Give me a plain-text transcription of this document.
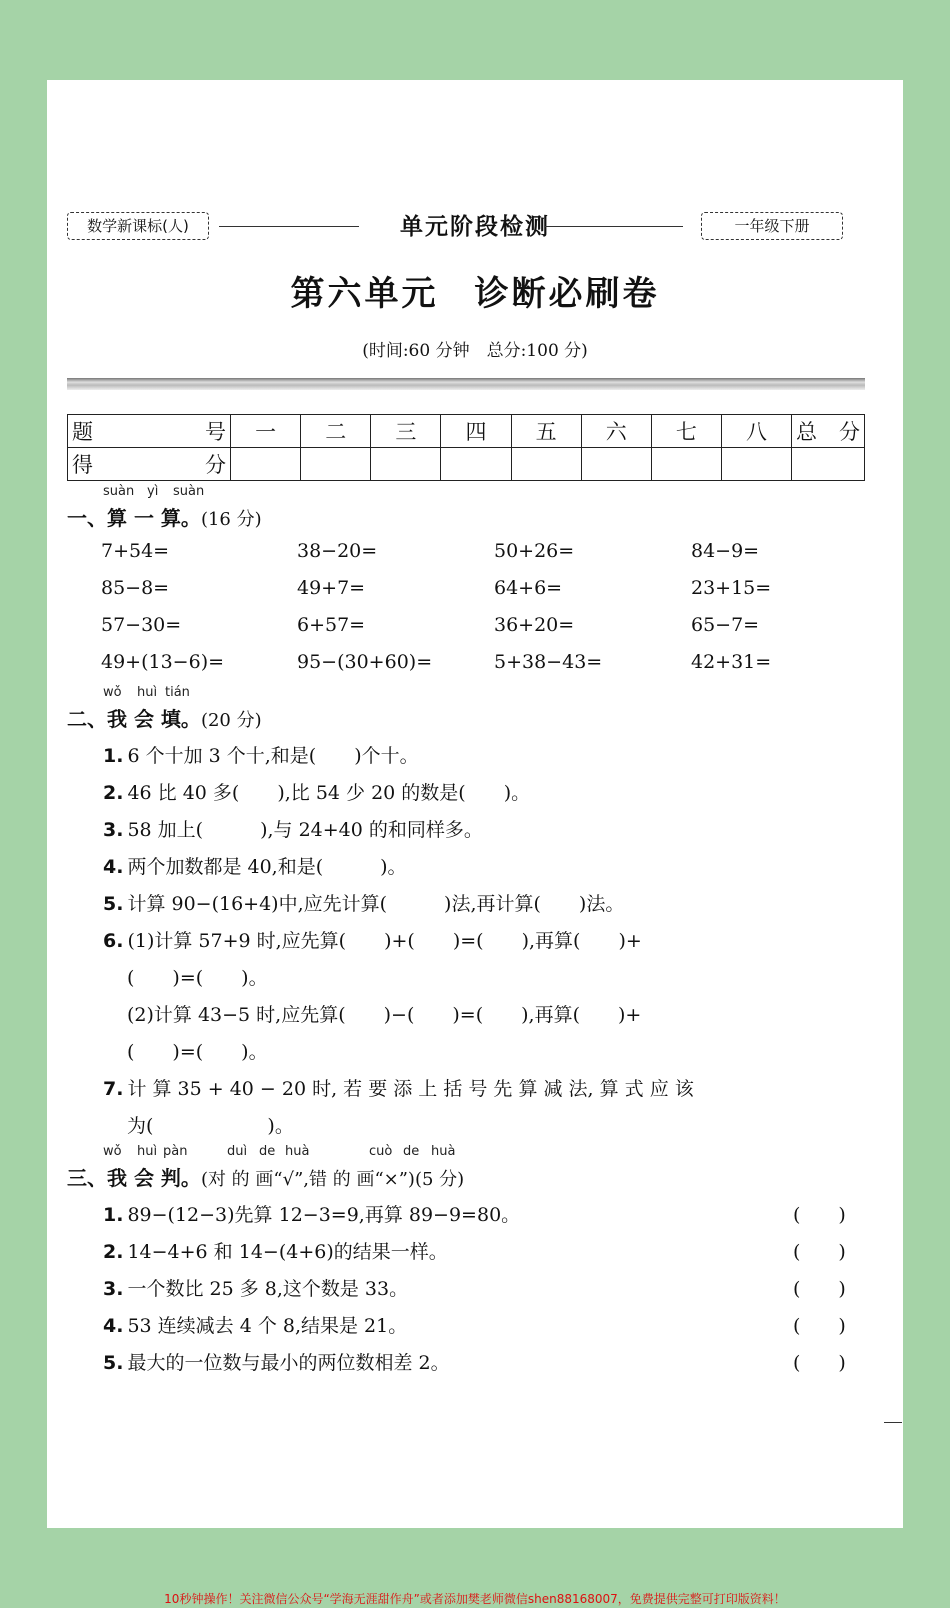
数学新课标(人)	单元阶段检测	一年级下册
第六单元 诊断必刷卷
(时间:60 分钟　总分:100 分)
题 号	一	二	三	四	五	六	七	八	总 分
得 分									
suàn yì suàn
一、算 一 算。(16 分)
7+54=	38−20=	50+26=	84−9=
85−8=	49+7=	64+6=	23+15=
57−30=	6+57=	36+20=	65−7=
49+(13−6)=	95−(30+60)=	5+38−43=	42+31=
wǒ huì tián
二、我 会 填。(20 分)
1. 6 个十加 3 个十,和是(　　)个十。
2. 46 比 40 多(　　),比 54 少 20 的数是(　　)。
3. 58 加上(　　　),与 24+40 的和同样多。
4. 两个加数都是 40,和是(　　　)。
5. 计算 90−(16+4)中,应先计算(　　　)法,再计算(　　)法。
6. (1)计算 57+9 时,应先算(　　)+(　　)=(　　),再算(　　)+
(　　)=(　　)。
(2)计算 43−5 时,应先算(　　)−(　　)=(　　),再算(　　)+
(　　)=(　　)。
7. 计 算 35 + 40 − 20 时, 若 要 添 上 括 号 先 算 减 法, 算 式 应 该
为(　　　　　　)。
wǒ huì pàn	duì de huà	cuò de huà
三、我 会 判。(对 的 画“√”,错 的 画“×”)(5 分)
1. 89−(12−3)先算 12−3=9,再算 89−9=80。	(　　)
2. 14−4+6 和 14−(4+6)的结果一样。	(　　)
3. 一个数比 25 多 8,这个数是 33。	(　　)
4. 53 连续减去 4 个 8,结果是 21。	(　　)
5. 最大的一位数与最小的两位数相差 2。	(　　)
10秒钟操作！关注微信公众号“学海无涯甜作舟”或者添加樊老师微信shen88168007，免费提供完整可打印版资料！
